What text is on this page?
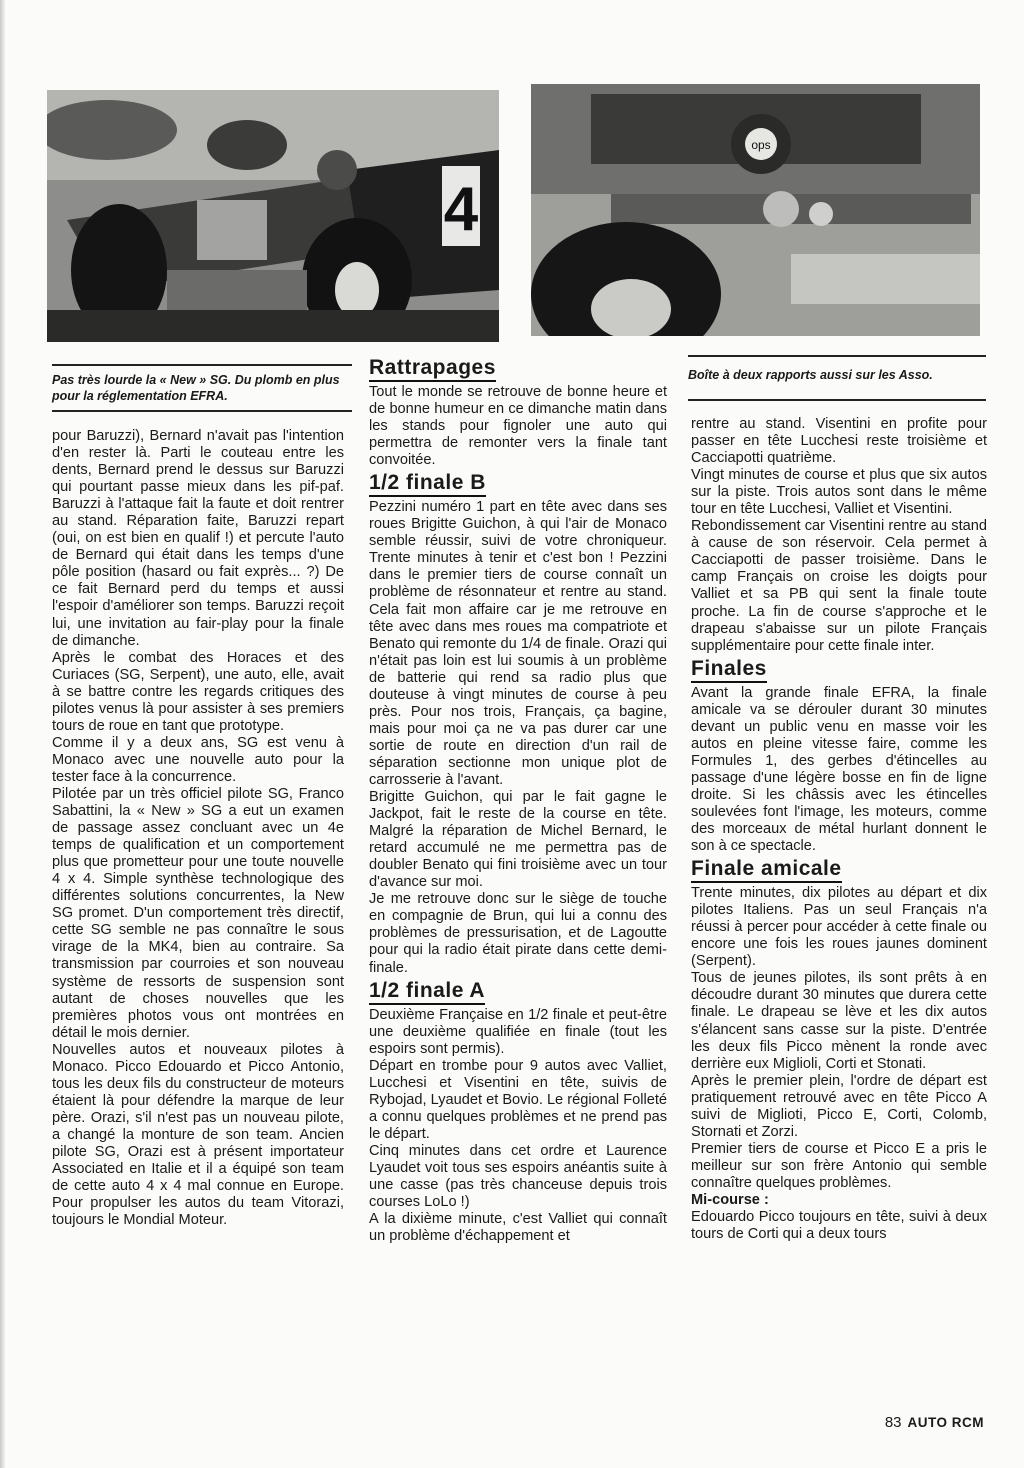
4
ops

Pas très lourde la « New » SG. Du plomb en plus pour la réglementation EFRA.

Boîte à deux rapports aussi sur les Asso.

pour Baruzzi), Bernard n'avait pas l'intention d'en rester là. Parti le couteau entre les dents, Bernard prend le dessus sur Baruzzi qui pourtant passe mieux dans les pif-paf. Baruzzi à l'attaque fait la faute et doit rentrer au stand. Réparation faite, Baruzzi repart (oui, on est bien en qualif !) et percute l'auto de Bernard qui était dans les temps d'une pôle position (hasard ou fait exprès... ?) De ce fait Bernard perd du temps et aussi l'espoir d'améliorer son temps. Baruzzi reçoit lui, une invitation au fair-play pour la finale de dimanche.

Après le combat des Horaces et des Curiaces (SG, Serpent), une auto, elle, avait à se battre contre les regards critiques des pilotes venus là pour assister à ses premiers tours de roue en tant que prototype.

Comme il y a deux ans, SG est venu à Monaco avec une nouvelle auto pour la tester face à la concurrence.

Pilotée par un très officiel pilote SG, Franco Sabattini, la « New » SG a eut un examen de passage assez concluant avec un 4e temps de qualification et un comportement plus que prometteur pour une toute nouvelle 4 x 4. Simple synthèse technologique des différentes solutions concurrentes, la New SG promet. D'un comportement très directif, cette SG semble ne pas connaître le sous virage de la MK4, bien au contraire. Sa transmission par courroies et son nouveau système de ressorts de suspension sont autant de choses nouvelles que les premières photos vous ont montrées en détail le mois dernier.

Nouvelles autos et nouveaux pilotes à Monaco. Picco Edouardo et Picco Antonio, tous les deux fils du constructeur de moteurs étaient là pour défendre la marque de leur père. Orazi, s'il n'est pas un nouveau pilote, a changé la monture de son team. Ancien pilote SG, Orazi est à présent importateur Associated en Italie et il a équipé son team de cette auto 4 x 4 mal connue en Europe. Pour propulser les autos du team Vitorazi, toujours le Mondial Moteur.

Rattrapages

Tout le monde se retrouve de bonne heure et de bonne humeur en ce dimanche matin dans les stands pour fignoler une auto qui permettra de remonter vers la finale tant convoitée.

1/2 finale B

Pezzini numéro 1 part en tête avec dans ses roues Brigitte Guichon, à qui l'air de Monaco semble réussir, suivi de votre chroniqueur. Trente minutes à tenir et c'est bon ! Pezzini dans le premier tiers de course connaît un problème de résonnateur et rentre au stand. Cela fait mon affaire car je me retrouve en tête avec dans mes roues ma compatriote et Benato qui remonte du 1/4 de finale. Orazi qui n'était pas loin est lui soumis à un problème de batterie qui rend sa radio plus que douteuse à vingt minutes de course à peu près. Pour nos trois, Français, ça bagine, mais pour moi ça ne va pas durer car une sortie de route en direction d'un rail de séparation sectionne mon unique plot de carrosserie à l'avant.

Brigitte Guichon, qui par le fait gagne le Jackpot, fait le reste de la course en tête. Malgré la réparation de Michel Bernard, le retard accumulé ne me permettra pas de doubler Benato qui fini troisième avec un tour d'avance sur moi.

Je me retrouve donc sur le siège de touche en compagnie de Brun, qui lui a connu des problèmes de pressurisation, et de Lagoutte pour qui la radio était pirate dans cette demi-finale.

1/2 finale A

Deuxième Française en 1/2 finale et peut-être une deuxième qualifiée en finale (tout les espoirs sont permis).

Départ en trombe pour 9 autos avec Valliet, Lucchesi et Visentini en tête, suivis de Rybojad, Lyaudet et Bovio. Le régional Folleté a connu quelques problèmes et ne prend pas le départ.

Cinq minutes dans cet ordre et Laurence Lyaudet voit tous ses espoirs anéantis suite à une casse (pas très chanceuse depuis trois courses LoLo !)

A la dixième minute, c'est Valliet qui connaît un problème d'échappement et

rentre au stand. Visentini en profite pour passer en tête Lucchesi reste troisième et Cacciapotti quatrième.

Vingt minutes de course et plus que six autos sur la piste. Trois autos sont dans le même tour en tête Lucchesi, Valliet et Visentini.

Rebondissement car Visentini rentre au stand à cause de son réservoir. Cela permet à Cacciapotti de passer troisième. Dans le camp Français on croise les doigts pour Valliet et sa PB qui sent la finale toute proche. La fin de course s'approche et le drapeau s'abaisse sur un pilote Français supplémentaire pour cette finale inter.

Finales

Avant la grande finale EFRA, la finale amicale va se dérouler durant 30 minutes devant un public venu en masse voir les autos en pleine vitesse faire, comme les Formules 1, des gerbes d'étincelles au passage d'une légère bosse en fin de ligne droite. Si les châssis avec les étincelles soulevées font l'image, les moteurs, comme des morceaux de métal hurlant donnent le son à ce spectacle.

Finale amicale

Trente minutes, dix pilotes au départ et dix pilotes Italiens. Pas un seul Français n'a réussi à percer pour accéder à cette finale ou encore une fois les roues jaunes dominent (Serpent).

Tous de jeunes pilotes, ils sont prêts à en découdre durant 30 minutes que durera cette finale. Le drapeau se lève et les dix autos s'élancent sans casse sur la piste. D'entrée les deux fils Picco mènent la ronde avec derrière eux Miglioli, Corti et Stonati.

Après le premier plein, l'ordre de départ est pratiquement retrouvé avec en tête Picco A suivi de Miglioti, Picco E, Corti, Colomb, Stornati et Zorzi.

Premier tiers de course et Picco E a pris le meilleur sur son frère Antonio qui semble connaître quelques problèmes.

Mi-course :

Edouardo Picco toujours en tête, suivi à deux tours de Corti qui a deux tours

83 AUTO RCM
